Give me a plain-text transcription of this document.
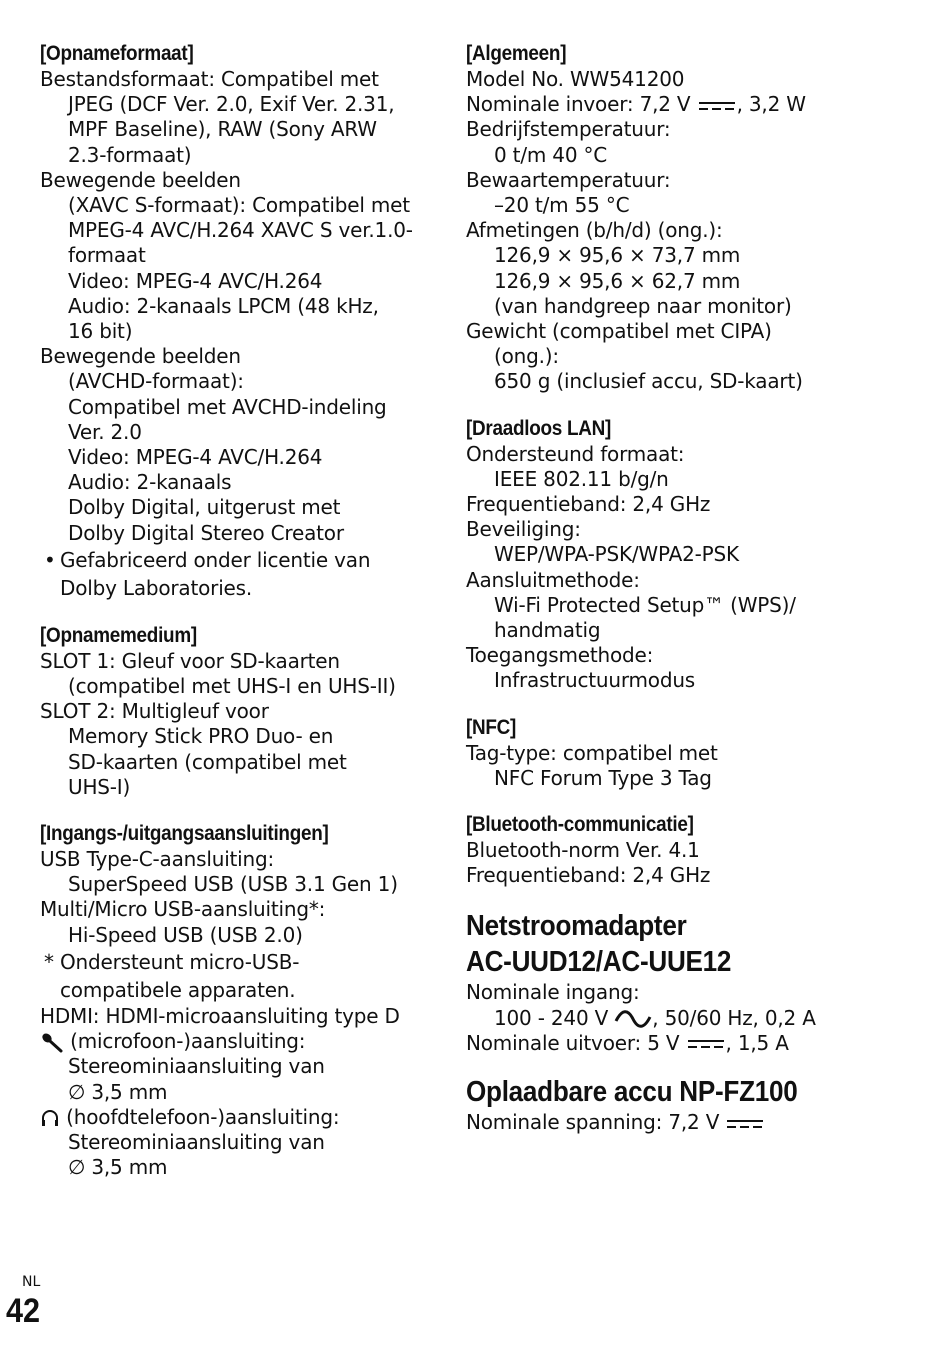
[Opnameformaat]
Bestandsformaat: Compatibel met
JPEG (DCF Ver. 2.0, Exif Ver. 2.31,
MPF Baseline), RAW (Sony ARW
2.3-formaat)
Bewegende beelden
(XAVC S-formaat): Compatibel met
MPEG-4 AVC/H.264 XAVC S ver.1.0-
formaat
Video: MPEG-4 AVC/H.264
Audio: 2-kanaals LPCM (48 kHz,
16 bit)
Bewegende beelden
(AVCHD-formaat):
Compatibel met AVCHD-indeling
Ver. 2.0
Video: MPEG-4 AVC/H.264
Audio: 2-kanaals
Dolby Digital, uitgerust met
Dolby Digital Stereo Creator
• Gefabriceerd onder licentie van
Dolby Laboratories.
[Opnamemedium]
SLOT 1: Gleuf voor SD-kaarten
(compatibel met UHS-I en UHS-II)
SLOT 2: Multigleuf voor
Memory Stick PRO Duo- en
SD-kaarten (compatibel met
UHS-I)
[Ingangs-/uitgangsaansluitingen]
USB Type-C-aansluiting:
SuperSpeed USB (USB 3.1 Gen 1)
Multi/Micro USB-aansluiting*:
Hi-Speed USB (USB 2.0)
* Ondersteunt micro-USB-
compatibele apparaten.
HDMI: HDMI-microaansluiting type D
(microfoon-)aansluiting:
Stereominiaansluiting van
∅ 3,5 mm
(hoofdtelefoon-)aansluiting:
Stereominiaansluiting van
∅ 3,5 mm
[Algemeen]
Model No. WW541200
Nominale invoer: 7,2 V , 3,2 W
Bedrijfstemperatuur:
0 t/m 40 °C
Bewaartemperatuur:
–20 t/m 55 °C
Afmetingen (b/h/d) (ong.):
126,9 × 95,6 × 73,7 mm
126,9 × 95,6 × 62,7 mm
(van handgreep naar monitor)
Gewicht (compatibel met CIPA)
(ong.):
650 g (inclusief accu, SD-kaart)
[Draadloos LAN]
Ondersteund formaat:
IEEE 802.11 b/g/n
Frequentieband: 2,4 GHz
Beveiliging:
WEP/WPA-PSK/WPA2-PSK
Aansluitmethode:
Wi-Fi Protected Setup™ (WPS)/
handmatig
Toegangsmethode:
Infrastructuurmodus
[NFC]
Tag-type: compatibel met
NFC Forum Type 3 Tag
[Bluetooth-communicatie]
Bluetooth-norm Ver. 4.1
Frequentieband: 2,4 GHz
Netstroomadapter
AC-UUD12/AC-UUE12
Nominale ingang:
100 - 240 V , 50/60 Hz, 0,2 A
Nominale uitvoer: 5 V , 1,5 A
Oplaadbare accu NP-FZ100
Nominale spanning: 7,2 V
NL
42
